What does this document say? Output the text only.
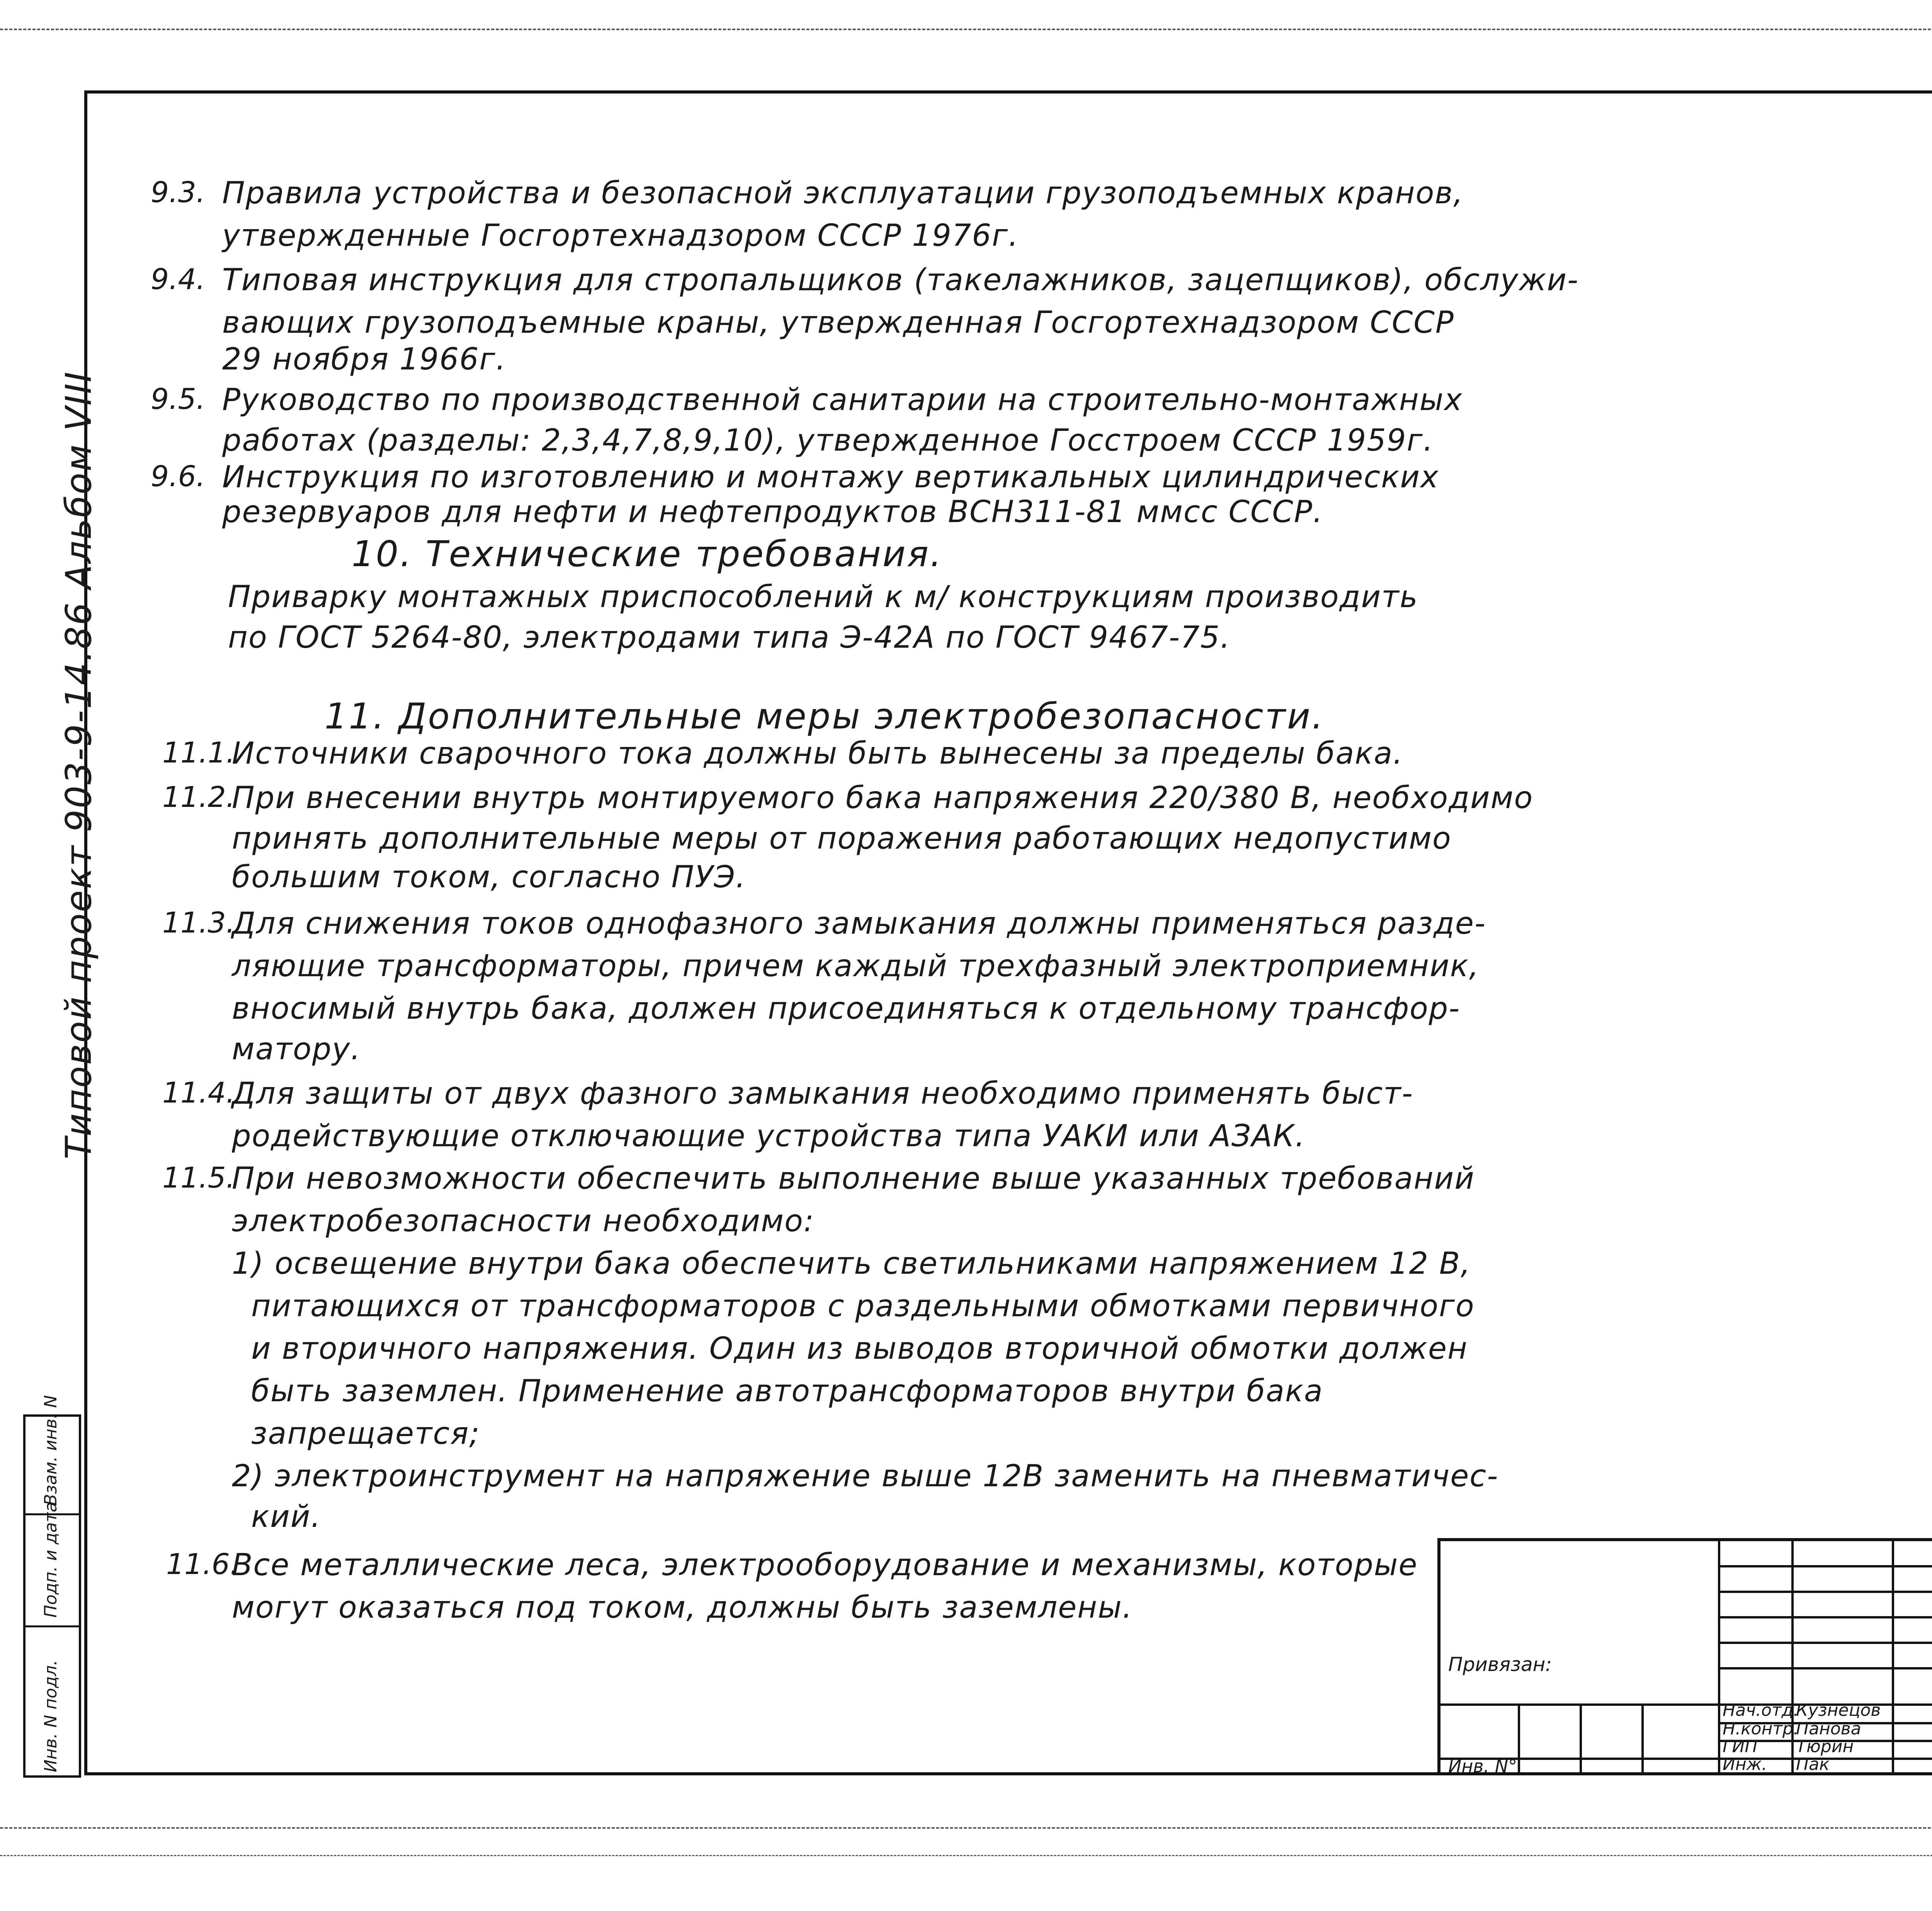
Типовой проект 903-9-14.86 Альбом VIII
Инв. N подл.
Подп. и дата
Взам. инв. N
9.3. Правила устройства и безопасной эксплуатации грузоподъемных кранов,
утвержденные Госгортехнадзором СССР 1976г.
9.4. Типовая инструкция для стропальщиков (такелажников, зацепщиков), обслужи-
вающих грузоподъемные краны, утвержденная Госгортехнадзором СССР
29 ноября 1966г.
9.5. Руководство по производственной санитарии на строительно-монтажных
работах (разделы: 2,3,4,7,8,9,10), утвержденное Госстроем СССР 1959г.
9.6. Инструкция по изготовлению и монтажу вертикальных цилиндрических
резервуаров для нефти и нефтепродуктов ВСН311-81 ммсс СССР.
10. Технические требования.
Приварку монтажных приспособлений к м/ конструкциям производить
по ГОСТ 5264-80, электродами типа Э-42А по ГОСТ 9467-75.
11. Дополнительные меры электробезопасности.
11.1.
Источники сварочного тока должны быть вынесены за пределы бака.
11.2.
При внесении внутрь монтируемого бака напряжения 220/380 В, необходимо
принять дополнительные меры от поражения работающих недопустимо
большим током, согласно ПУЭ.
11.3.
Для снижения токов однофазного замыкания должны применяться разде-
ляющие трансформаторы, причем каждый трехфазный электроприемник,
вносимый внутрь бака, должен присоединяться к отдельному трансфор-
матору.
11.4.
Для защиты от двух фазного замыкания необходимо применять быст-
родействующие отключающие устройства типа УАКИ или АЗАК.
11.5.
При невозможности обеспечить выполнение выше указанных требований
электробезопасности необходимо:
1) освещение внутри бака обеспечить светильниками напряжением 12 В,
питающихся от трансформаторов с раздельными обмотками первичного
и вторичного напряжения. Один из выводов вторичной обмотки должен
быть заземлен. Применение автотрансформаторов внутри бака
запрещается;
2) электроинструмент на напряжение выше 12В заменить на пневматичес-
кий.
11.6.
Все металлические леса, электрооборудование и механизмы, которые
могут оказаться под током, должны быть заземлены.
Привязан:
Инв. N°
Нач.отд.
Кузнецов
Н.контр.
Панова
ГИП Тюрин
Инж. Пак
